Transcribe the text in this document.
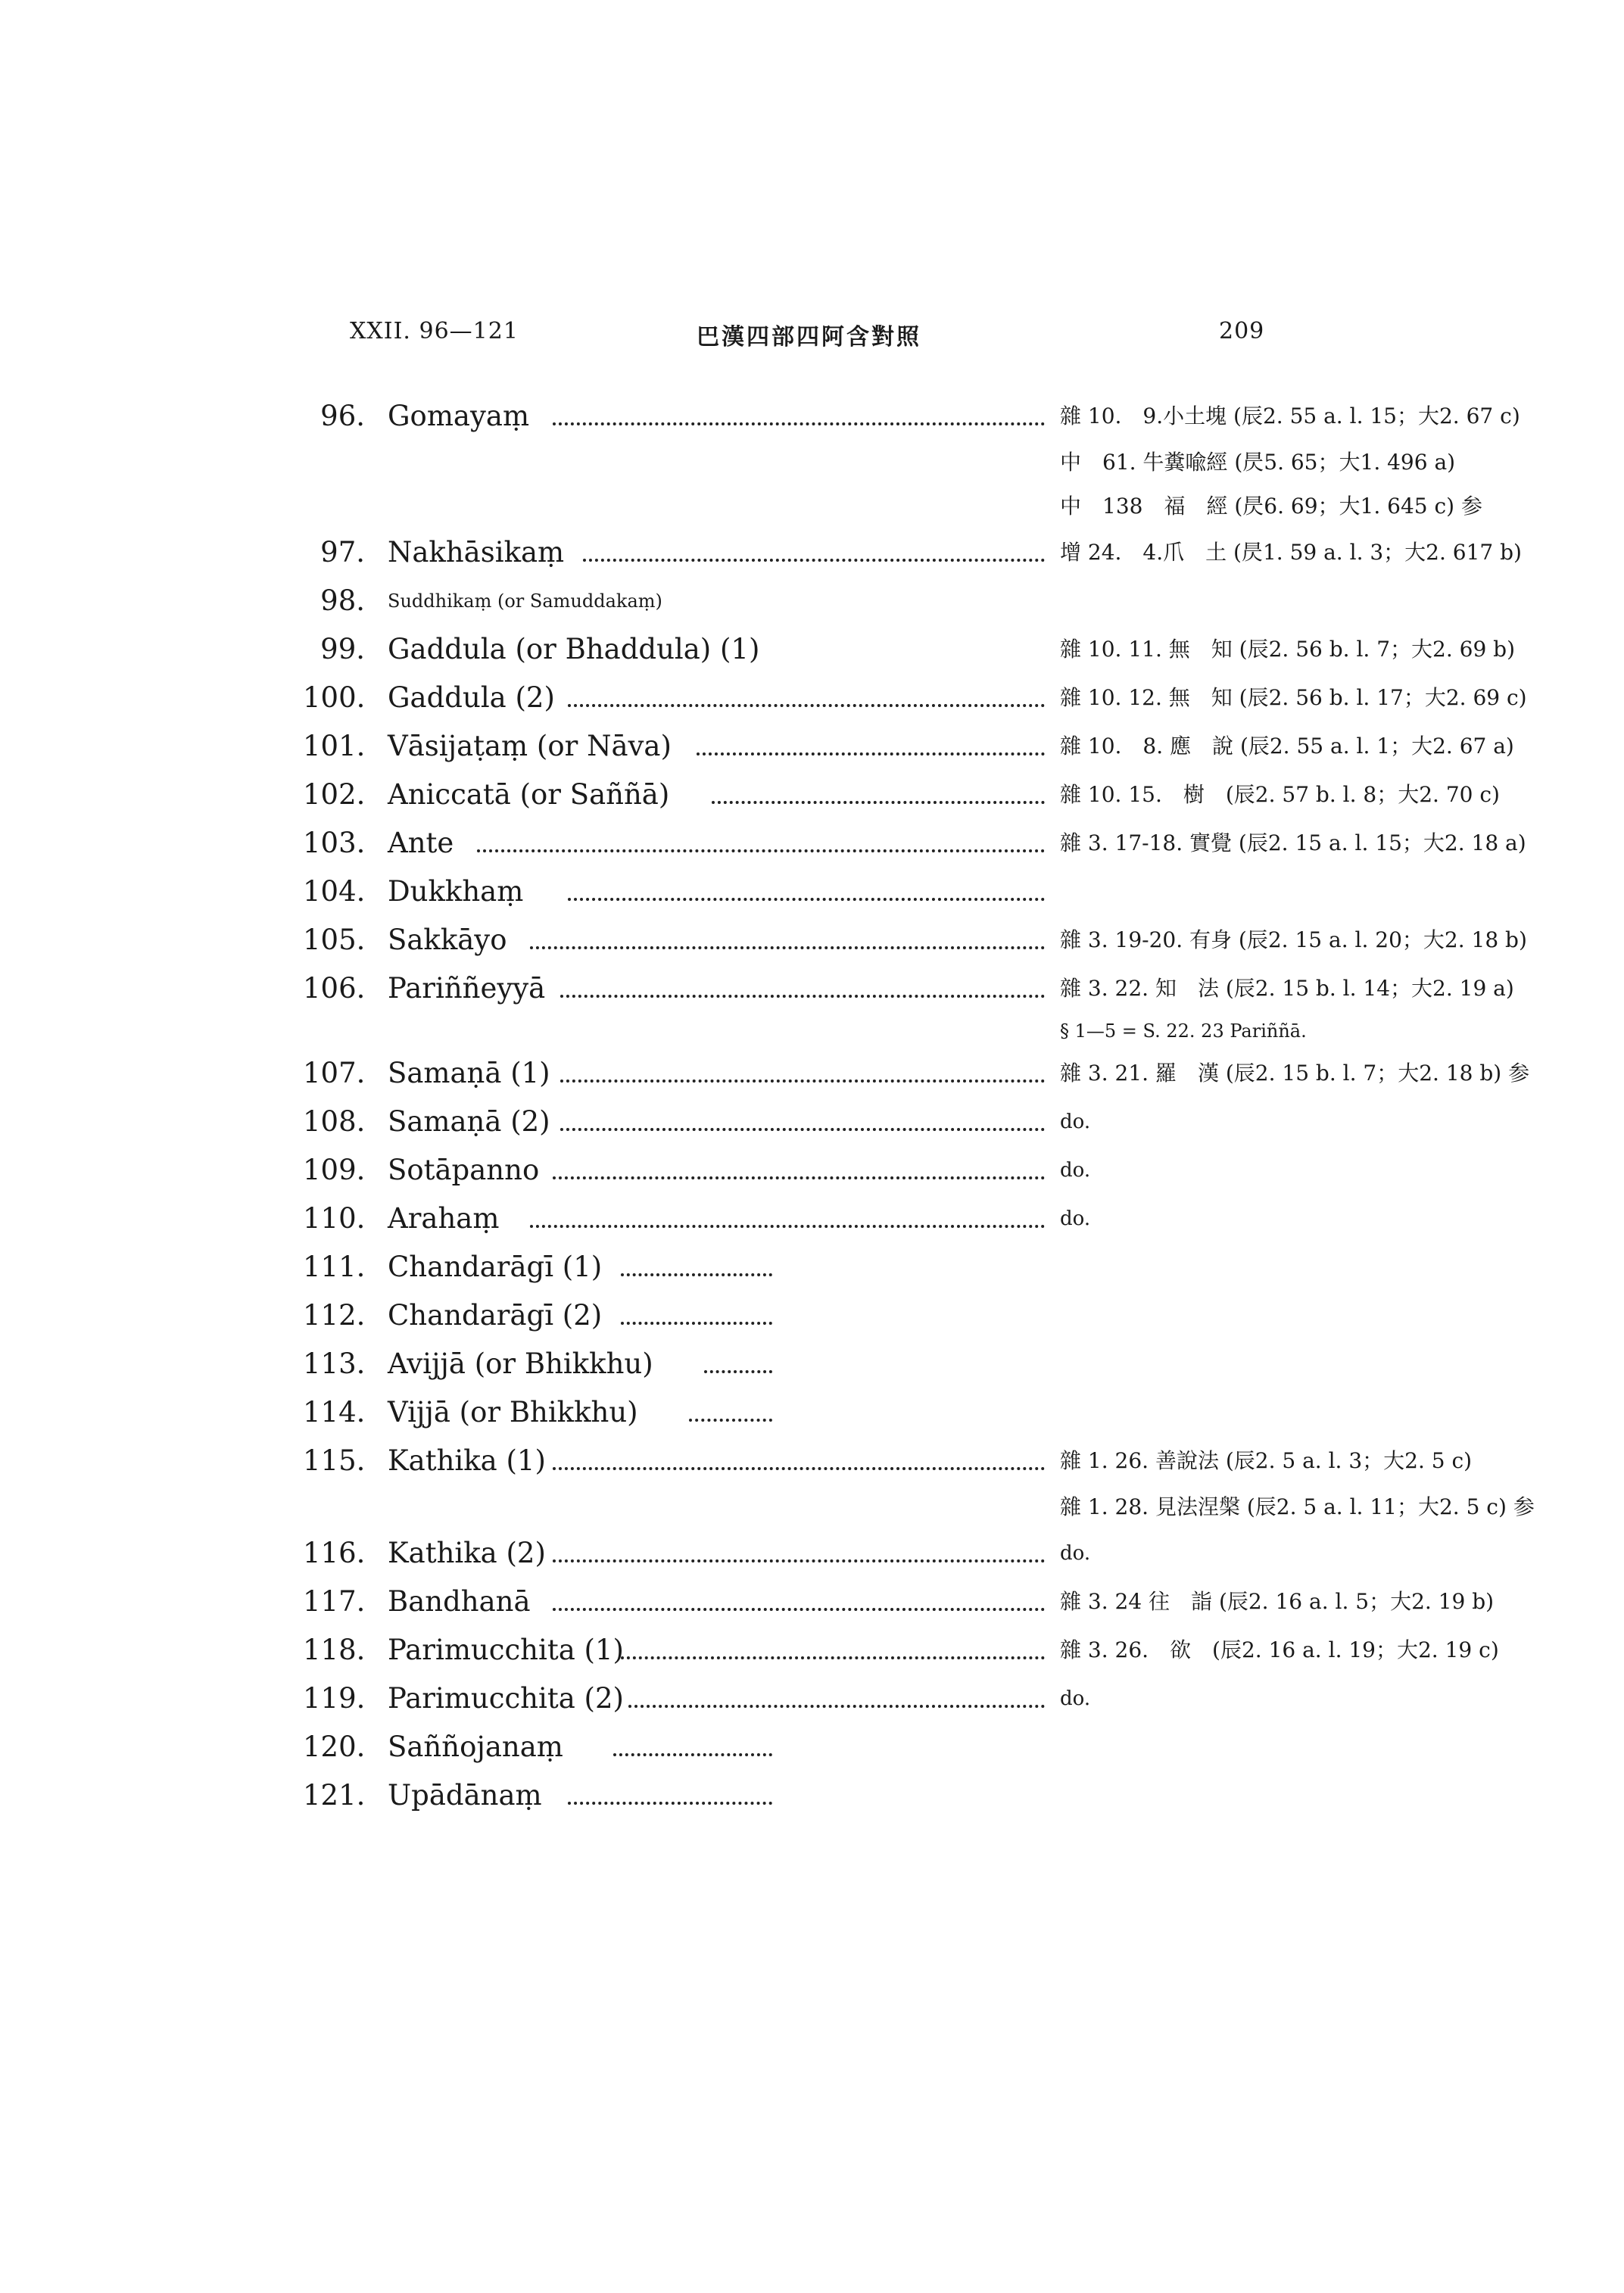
XXII. 96—121	巴漢四部四阿含對照	209
96. Gomayaṃ	雜 10.　9.小土塊 (辰2. 55 a. l. 15；大2. 67 c)
中　61. 牛糞喩經 (昃5. 65；大1. 496 a)
中　138　福　經 (昃6. 69；大1. 645 c) 参
97. Nakhāsikaṃ	增 24.　4.爪　土 (昃1. 59 a. l. 3；大2. 617 b)
98. Suddhikaṃ (or Samuddakaṃ)
99. Gaddula (or Bhaddula) (1)	雜 10. 11. 無　知 (辰2. 56 b. l. 7；大2. 69 b)
100. Gaddula (2)	雜 10. 12. 無　知 (辰2. 56 b. l. 17；大2. 69 c)
101. Vāsijaṭaṃ (or Nāva)	雜 10.　8. 應　說 (辰2. 55 a. l. 1；大2. 67 a)
102. Aniccatā (or Saññā)	雜 10. 15.　樹　(辰2. 57 b. l. 8；大2. 70 c)
103. Ante	雜 3. 17-18. 實覺 (辰2. 15 a. l. 15；大2. 18 a)
104. Dukkhaṃ
105. Sakkāyo	雜 3. 19-20. 有身 (辰2. 15 a. l. 20；大2. 18 b)
106. Pariññeyyā	雜 3. 22. 知　法 (辰2. 15 b. l. 14；大2. 19 a)
§ 1—5 = S. 22. 23 Pariññā.
107. Samaṇā (1)	雜 3. 21. 羅　漢 (辰2. 15 b. l. 7；大2. 18 b) 参
108. Samaṇā (2)	do.
109. Sotāpanno	do.
110. Arahaṃ	do.
111. Chandarāgī (1)
112. Chandarāgī (2)
113. Avijjā (or Bhikkhu)
114. Vijjā (or Bhikkhu)
115. Kathika (1)	雜 1. 26. 善說法 (辰2. 5 a. l. 3；大2. 5 c)
雜 1. 28. 見法涅槃 (辰2. 5 a. l. 11；大2. 5 c) 参
116. Kathika (2)	do.
117. Bandhanā	雜 3. 24 往　詣 (辰2. 16 a. l. 5；大2. 19 b)
118. Parimucchita (1)	雜 3. 26.　欲　(辰2. 16 a. l. 19；大2. 19 c)
119. Parimucchita (2)	do.
120. Saññojanaṃ
121. Upādānaṃ
